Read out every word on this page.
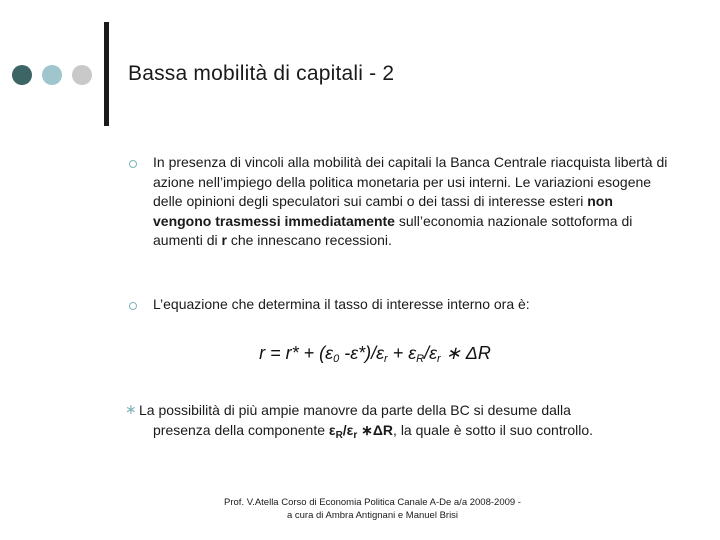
Bassa mobilità di capitali - 2
In presenza di vincoli alla mobilità dei capitali la Banca Centrale riacquista libertà di azione nell’impiego della politica monetaria per usi interni. Le variazioni esogene delle opinioni degli speculatori sui cambi o dei tassi di interesse esteri non vengono trasmessi immediatamente sull’economia nazionale sottoforma di aumenti di r che innescano recessioni.
L’equazione che determina il tasso di interesse interno ora è:
$r = r* + (\varepsilon_0$ $-\varepsilon*)/\varepsilon_r + \varepsilon_R/\varepsilon_r$ ∗ ΔR
∗ La possibilità di più ampie manovre da parte della BC si desume dalla
presenza della componente $\varepsilon_R/\varepsilon_r$ ∗ΔR, la quale è sotto il suo controllo.
Prof. V.Atella Corso di Economia Politica Canale A-De a/a 2008-2009 -
a cura di Ambra Antignani e Manuel Brisi
